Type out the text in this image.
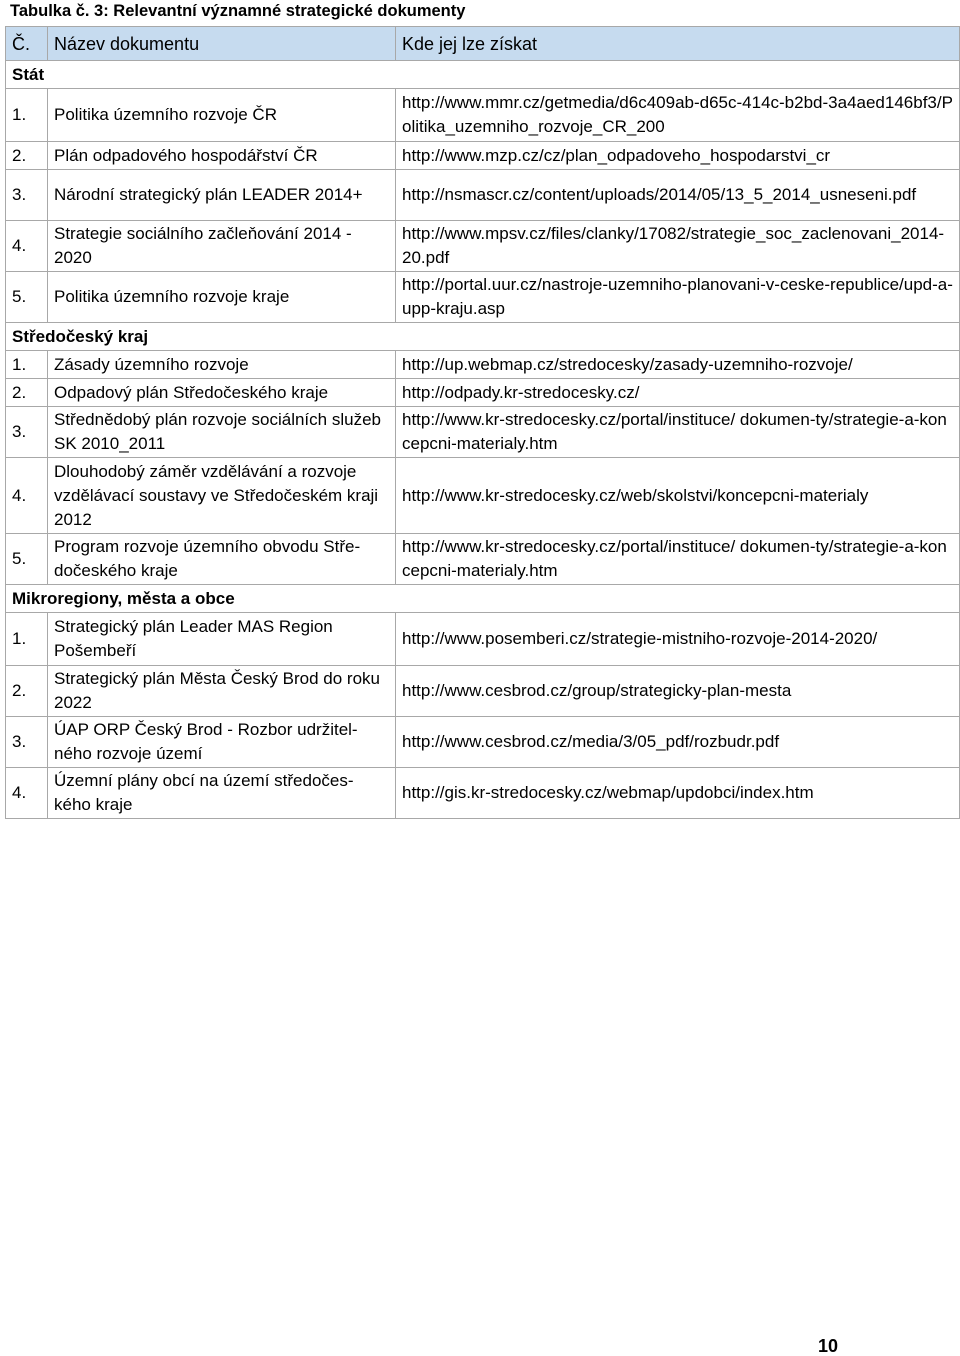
Tabulka č. 3: Relevantní významné strategické dokumenty
Č.	Název dokumentu	Kde jej lze získat
Stát		
1.	Politika územního rozvoje ČR	http://www.mmr.cz/getmedia/d6c409ab-d65c-414c-b2bd-3a4aed146bf3/Politika_uzemniho_rozvoje_CR_200
2.	Plán odpadového hospodářství ČR	http://www.mzp.cz/cz/plan_odpadoveho_hospodarstvi_cr
3.	Národní strategický plán LEADER 2014+	http://nsmascr.cz/content/uploads/2014/05/13_5_2014_usneseni.pdf
4.	Strategie sociálního začleňování 2014 - 2020	http://www.mpsv.cz/files/clanky/17082/strategie_soc_zaclenovani_2014-20.pdf
5.	Politika územního rozvoje kraje	http://portal.uur.cz/nastroje-uzemniho-planovani-v-ceske-republice/upd-a-upp-kraju.asp
Středočeský kraj		
1.	Zásady územního rozvoje	http://up.webmap.cz/stredocesky/zasady-uzemniho-rozvoje/
2.	Odpadový plán Středočeského kraje	http://odpady.kr-stredocesky.cz/
3.	Střednědobý plán rozvoje sociálních služeb SK 2010_2011	http://www.kr-stredocesky.cz/portal/instituce/ dokumen-ty/strategie-a-koncepcni-materialy.htm
4.	Dlouhodobý záměr vzdělávání a rozvoje vzdělávací soustavy ve Středočeském kraji 2012	http://www.kr-stredocesky.cz/web/skolstvi/koncepcni-materialy
5.	Program rozvoje územního obvodu Stře-dočeského kraje	http://www.kr-stredocesky.cz/portal/instituce/ dokumen-ty/strategie-a-koncepcni-materialy.htm
Mikroregiony, města a obce		
1.	Strategický plán Leader MAS Region Pošembeří	http://www.posemberi.cz/strategie-mistniho-rozvoje-2014-2020/
2.	Strategický plán Města Český Brod do roku 2022	http://www.cesbrod.cz/group/strategicky-plan-mesta
3.	ÚAP ORP Český Brod - Rozbor udržitel-ného rozvoje území	http://www.cesbrod.cz/media/3/05_pdf/rozbudr.pdf
4.	Územní plány obcí na území středočes-kého kraje	http://gis.kr-stredocesky.cz/webmap/updobci/index.htm
10
